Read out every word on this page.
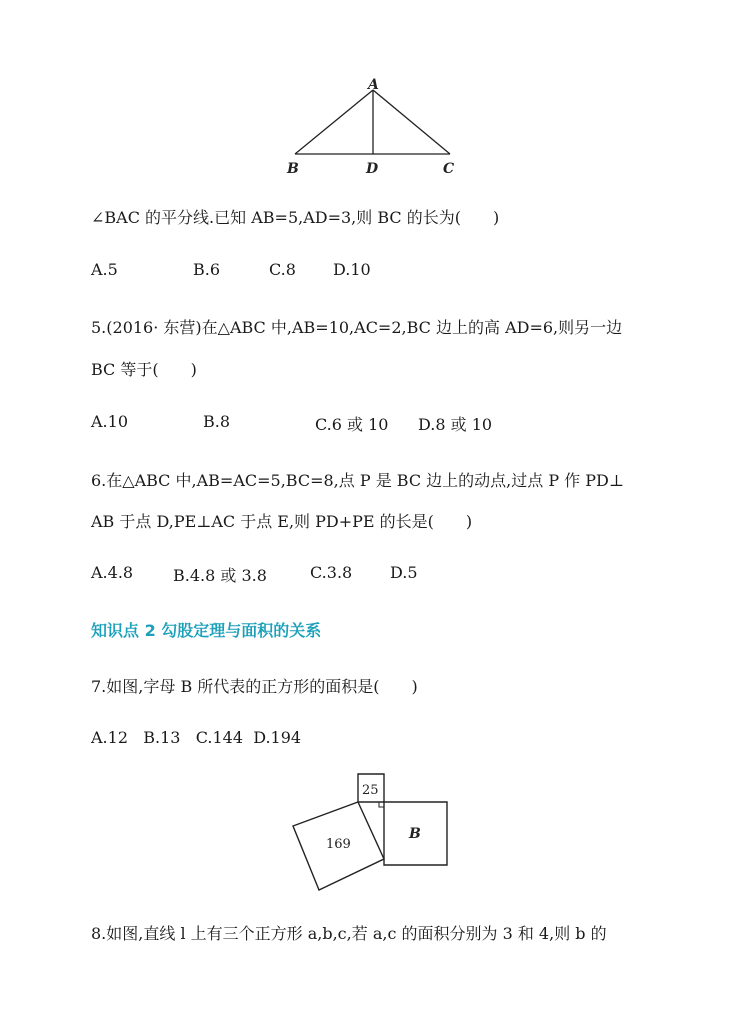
A
B	D	C
∠BAC 的平分线.已知 AB=5,AD=3,则 BC 的长为(　　)
A.5	B.6	C.8 D.10
5.(2016· 东营)在△ABC 中,AB=10,AC=2,BC 边上的高 AD=6,则另一边
BC 等于(　　)
A.10	B.8	C.6 或 10 D.8 或 10
6.在△ABC 中,AB=AC=5,BC=8,点 P 是 BC 边上的动点,过点 P 作 PD⊥
AB 于点 D,PE⊥AC 于点 E,则 PD+PE 的长是(　　)
A.4.8 B.4.8 或 3.8	C.3.8 D.5
知识点 2 勾股定理与面积的关系
7.如图,字母 B 所代表的正方形的面积是(　　)
A.12   B.13   C.144  D.194
25
B
169
8.如图,直线 l 上有三个正方形 a,b,c,若 a,c 的面积分别为 3 和 4,则 b 的
